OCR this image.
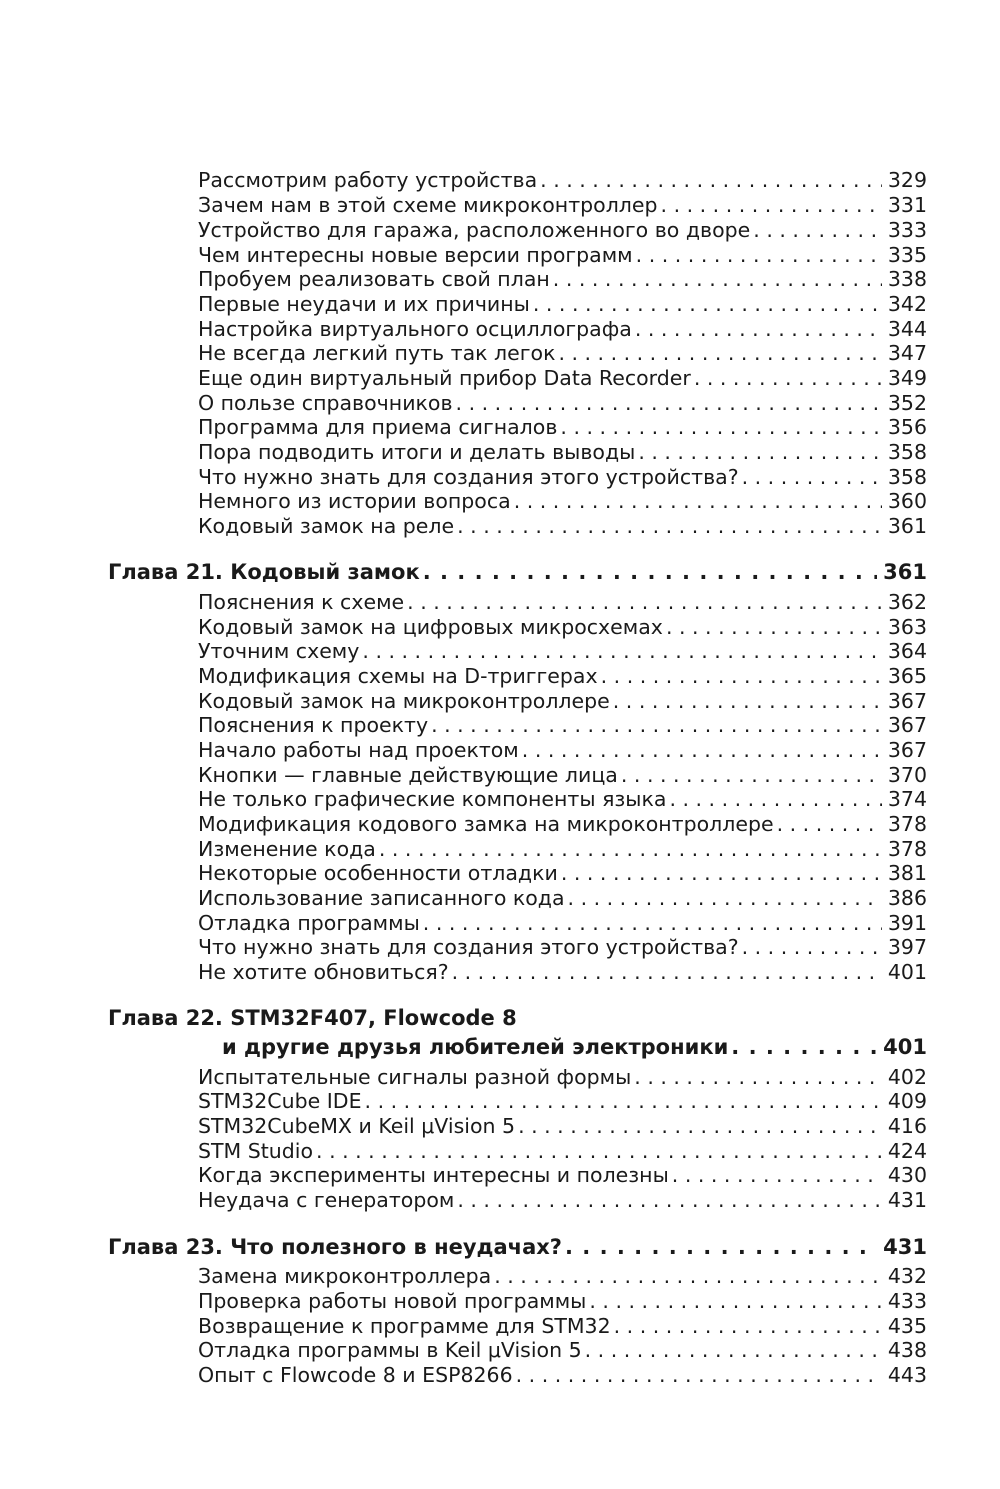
Рассмотрим работу устройства . . .	329
Зачем нам в этой схеме микроконтроллер . . .	331
Устройство для гаража, расположенного во дворе . . .	333
Чем интересны новые версии программ . . .	335
Пробуем реализовать свой план . . .	338
Первые неудачи и их причины . . .	342
Настройка виртуального осциллографа . . .	344
Не всегда легкий путь так легок . . .	347
Еще один виртуальный прибор Data Recorder . . .	349
О пользе справочников . . .	352
Программа для приема сигналов . . .	356
Пора подводить итоги и делать выводы . . .	358
Что нужно знать для создания этого устройства? . . .	358
Немного из истории вопроса . . .	360
Кодовый замок на реле . . .	361
Глава 21. Кодовый замок . . .	361
Пояснения к схеме . . .	362
Кодовый замок на цифровых микросхемах . . .	363
Уточним схему . . .	364
Модификация схемы на D-триггерах . . .	365
Кодовый замок на микроконтроллере . . .	367
Пояснения к проекту . . .	367
Начало работы над проектом . . .	367
Кнопки — главные действующие лица . . .	370
Не только графические компоненты языка . . .	374
Модификация кодового замка на микроконтроллере . . .	378
Изменение кода . . .	378
Некоторые особенности отладки . . .	381
Использование записанного кода . . .	386
Отладка программы . . .	391
Что нужно знать для создания этого устройства? . . .	397
Не хотите обновиться? . . .	401
Глава 22. STM32F407, Flowcode 8
и другие друзья любителей электроники . . .	401
Испытательные сигналы разной формы . . .	402
STM32Cube IDE . . .	409
STM32CubeMX и Keil μVision 5 . . .	416
STM Studio . . .	424
Когда эксперименты интересны и полезны . . .	430
Неудача с генератором . . .	431
Глава 23. Что полезного в неудачах? . . .	431
Замена микроконтроллера . . .	432
Проверка работы новой программы . . .	433
Возвращение к программе для STM32 . . .	435
Отладка программы в Keil μVision 5 . . .	438
Опыт с Flowcode 8 и ESP8266 . . .	443
